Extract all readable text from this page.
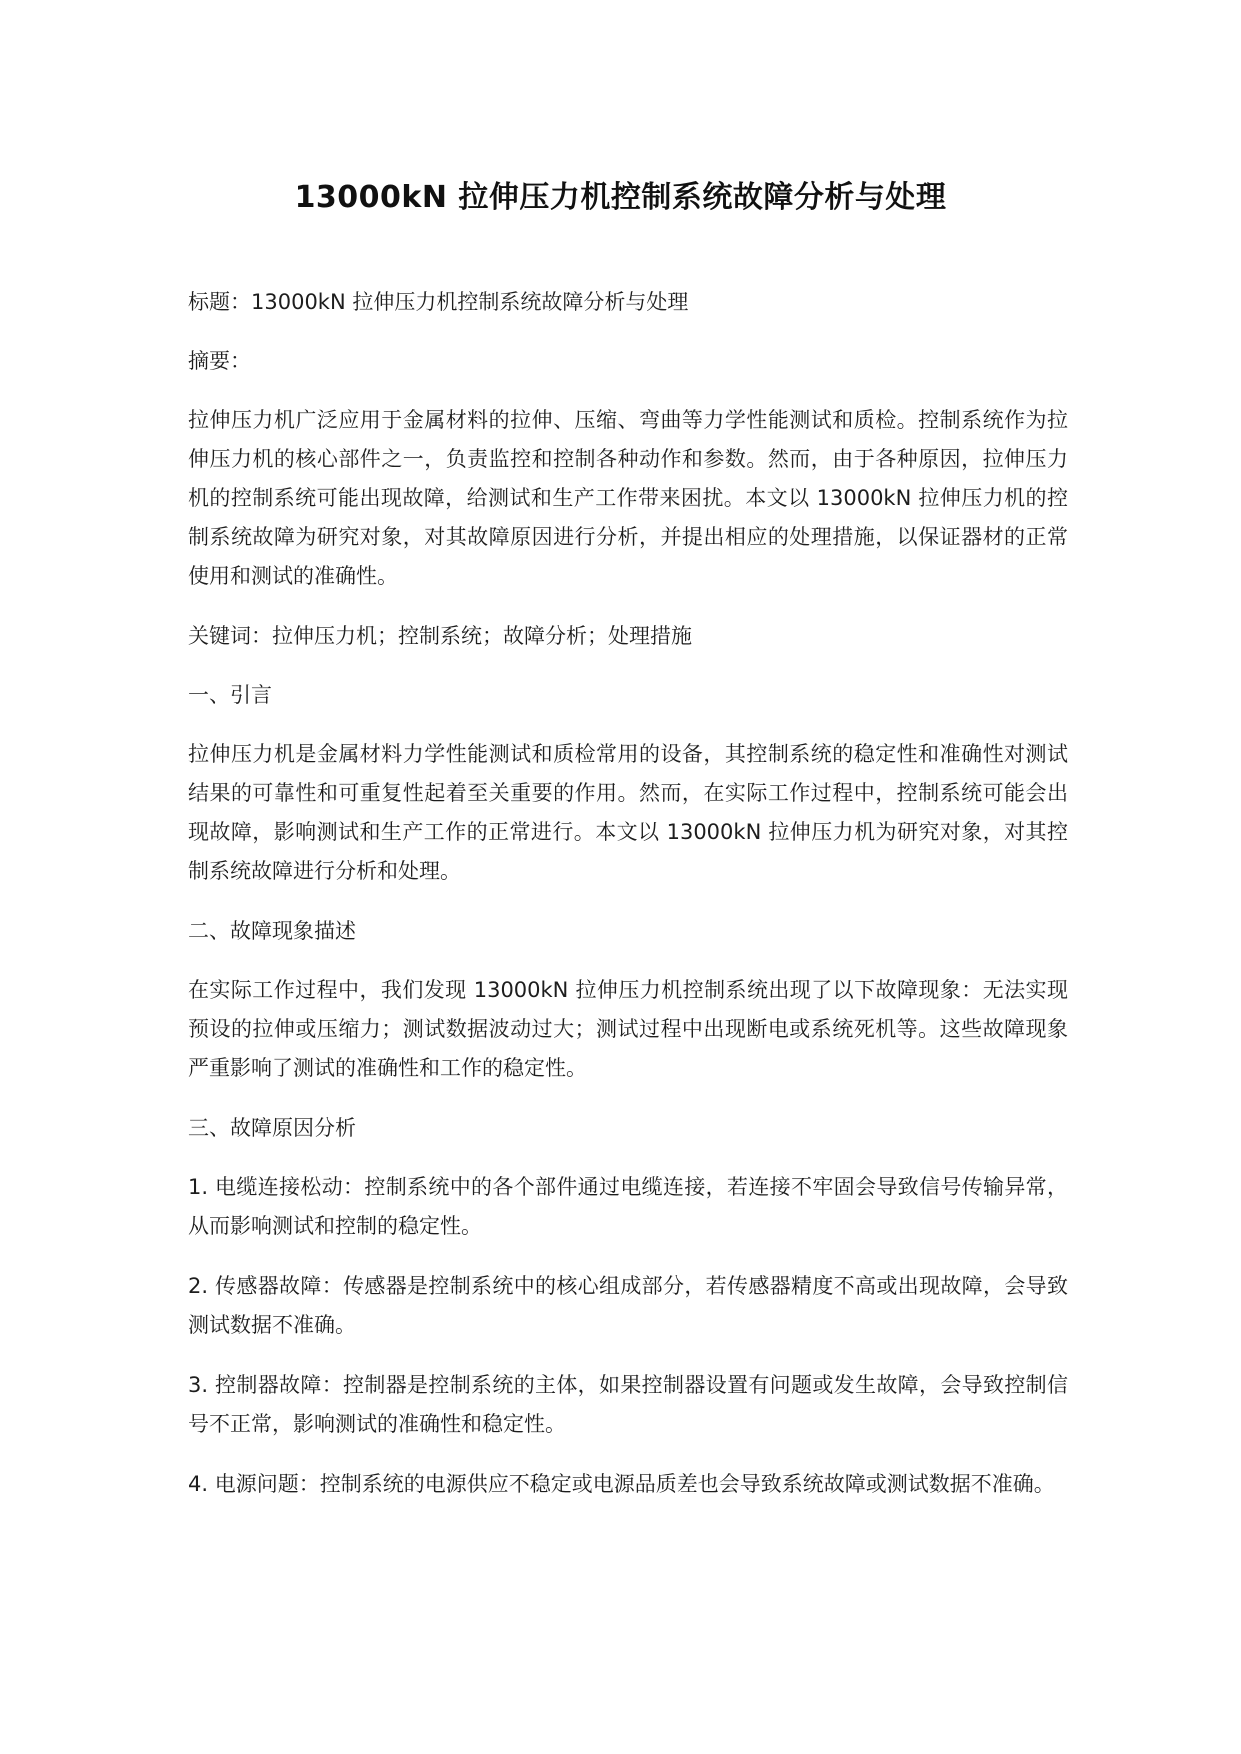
13000kN 拉伸压力机控制系统故障分析与处理

标题：13000kN 拉伸压力机控制系统故障分析与处理

摘要：

拉伸压力机广泛应用于金属材料的拉伸、压缩、弯曲等力学性能测试和质检。控制系统作为拉伸压力机的核心部件之一，负责监控和控制各种动作和参数。然而，由于各种原因，拉伸压力机的控制系统可能出现故障，给测试和生产工作带来困扰。本文以 13000kN 拉伸压力机的控制系统故障为研究对象，对其故障原因进行分析，并提出相应的处理措施，以保证器材的正常使用和测试的准确性。

关键词：拉伸压力机；控制系统；故障分析；处理措施

一、引言

拉伸压力机是金属材料力学性能测试和质检常用的设备，其控制系统的稳定性和准确性对测试结果的可靠性和可重复性起着至关重要的作用。然而，在实际工作过程中，控制系统可能会出现故障，影响测试和生产工作的正常进行。本文以 13000kN 拉伸压力机为研究对象，对其控制系统故障进行分析和处理。

二、故障现象描述

在实际工作过程中，我们发现 13000kN 拉伸压力机控制系统出现了以下故障现象：无法实现预设的拉伸或压缩力；测试数据波动过大；测试过程中出现断电或系统死机等。这些故障现象严重影响了测试的准确性和工作的稳定性。

三、故障原因分析

1. 电缆连接松动：控制系统中的各个部件通过电缆连接，若连接不牢固会导致信号传输异常，从而影响测试和控制的稳定性。

2. 传感器故障：传感器是控制系统中的核心组成部分，若传感器精度不高或出现故障，会导致测试数据不准确。

3. 控制器故障：控制器是控制系统的主体，如果控制器设置有问题或发生故障，会导致控制信号不正常，影响测试的准确性和稳定性。

4. 电源问题：控制系统的电源供应不稳定或电源品质差也会导致系统故障或测试数据不准确。
